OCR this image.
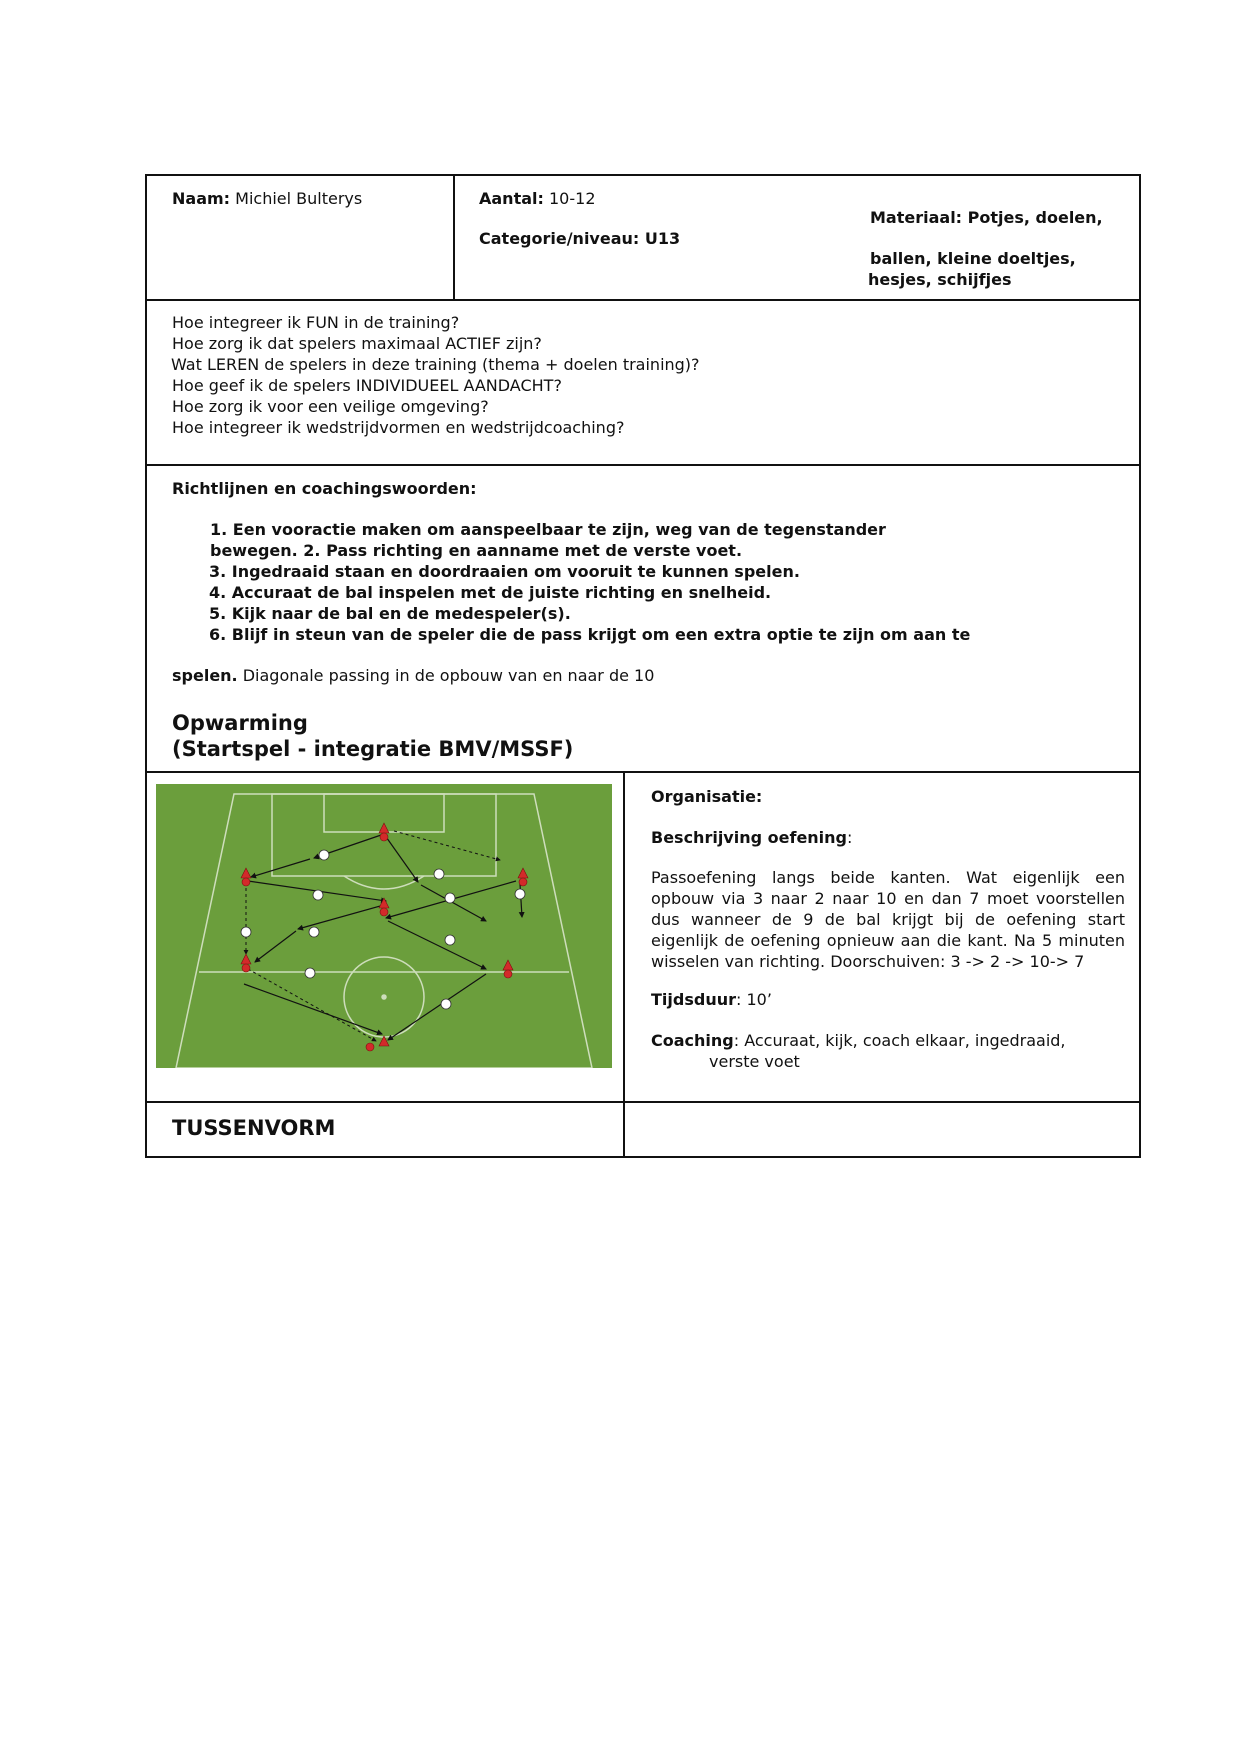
Naam: Michiel Bulterys	Aantal: 10-12
Categorie/niveau: U13
Materiaal: Potjes, doelen,
ballen, kleine doeltjes,
hesjes, schijfjes
Hoe integreer ik FUN in de training?
Hoe zorg ik dat spelers maximaal ACTIEF zijn?
Wat LEREN de spelers in deze training (thema + doelen training)?
Hoe geef ik de spelers INDIVIDUEEL AANDACHT?
Hoe zorg ik voor een veilige omgeving?
Hoe integreer ik wedstrijdvormen en wedstrijdcoaching?
Richtlijnen en coachingswoorden:
1. Een vooractie maken om aanspeelbaar te zijn, weg van de tegenstander
bewegen. 2. Pass richting en aanname met de verste voet.
3. Ingedraaid staan en doordraaien om vooruit te kunnen spelen.
4. Accuraat de bal inspelen met de juiste richting en snelheid.
5. Kijk naar de bal en de medespeler(s).
6. Blijf in steun van de speler die de pass krijgt om een extra optie te zijn om aan te
spelen. Diagonale passing in de opbouw van en naar de 10
Opwarming
(Startspel - integratie BMV/MSSF)
Organisatie:
Beschrijving oefening:
Passoefening langs beide kanten. Wat eigenlijk een opbouw via 3 naar 2 naar 10 en dan 7 moet voorstellen dus wanneer de 9 de bal krijgt bij de oefening start eigenlijk de oefening opnieuw aan die kant. Na 5 minuten wisselen van richting. Doorschuiven: 3 -> 2 -> 10-> 7
Tijdsduur: 10’
Coaching: Accuraat, kijk, coach elkaar, ingedraaid,
verste voet
TUSSENVORM
